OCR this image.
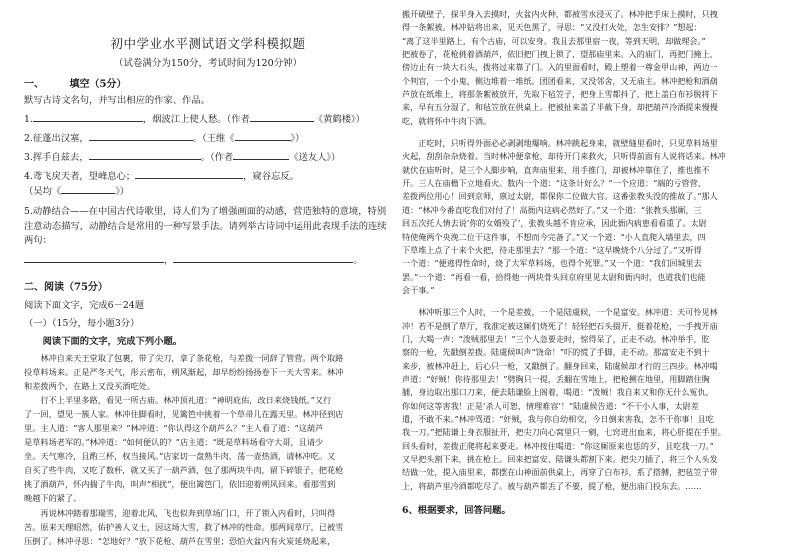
初中学业水平测试语文学科模拟题

（试卷满分为150分，考试时间为120分钟）

一、	填空（5分）

默写古诗文名句，并写出相应的作家、作品。

1.	，烟波江上使人愁。（作者	《黄鹤楼》）

2.征蓬出汉塞，	。（王维《	》）

3.挥手自兹去，	。（作者	《送友人》）

4.鸢飞戾天者，望峰息心；	，窥谷忘反。

（吴均《	》）

5.动静结合——在中国古代诗歌里，诗人们为了增强画面的动感，营造独特的意境，特别

注意动态描写，动静结合是常用的一种写景手法。请列举古诗词中运用此表现手法的连续

两句：

，	。

二、阅读（75分）

阅读下面文字，完成6－24题

（一）（15分，每小题3分）

阅读下面的文字，完成下列小题。

林冲自来天王堂取了包裹，带了尖刀，拿了条花枪，与差拨一同辞了管营。两个取路

投草料场来。正是严冬天气，彤云密布，朔风渐起，却早纷纷扬扬卷下一天大雪来。林冲

和差拨两个，在路上又没买酒吃处。

行不上半里多路，看见一所古庙。林冲顶礼道：“神明庇佑，改日来烧钱纸。”又行

了一回，望见一簇人家。林冲住脚看时，见篱笆中挑着一个草帚儿在露天里。林冲径到店

里。主人道：“客人那里来？”林冲道：“你认得这个葫芦么？”主人看了道：“这葫芦

是草料场老军的。”林冲道：“如何便认的？”店主道：“既是草料场看守大哥，且请少

坐。天气寒冷，且酌三杯，权当接风。”店家切一盘熟牛肉，荡一壶热酒，请林冲吃。又

自买了些牛肉，又吃了数杯，就又买了一葫芦酒，包了那两块牛肉，留下碎银子，把花枪

挑了酒葫芦，怀内揣了牛肉，叫声“相扰”，便出篱笆门，依旧迎着朔风回来。看那雪到

晚越下的紧了。

再说林冲踏着那瑞雪，迎着北风，飞也似奔到草场门口，开了锁入内看时，只叫得

苦。原来天理昭然，佑护善人义士，因这场大雪，救了林冲的性命。那两间草厅，已被雪

压倒了。林冲寻思：“怎地好？”放下花枪、葫芦在雪里；恐怕火盆内有火炭延烧起来，

搬开破壁子，探半身入去摸时，火盆内火种，都被雪水浸灭了。林冲把手床上摸时，只拽

得一条絮被。林冲钻将出来，见天色黑了，寻思：“又没打火处，怎生安排？”想起：

“离了这半里路上，有个古庙，可以安身。我且去那里宿一夜，等到天明，却做理会。”

把被卷了，花枪挑着酒葫芦，依旧把门拽上锁了，望那庙里来。入的庙门，再把门掩上，

傍边止有一块大石头，拨将过来靠了门。入的里面看时，殿上塑着一尊金甲山神，两边一

个判官，一个小鬼，侧边堆着一堆纸。团团看来，又没邻舍，又无庙主。林冲把枪和酒葫

芦放在纸堆上，将那条絮被放开，先取下毡笠子，把身上雪都抖了，把上盖白布衫脱将下

来，早有五分湿了，和毡笠放在供桌上。把被扯来盖了半截下身，却把葫芦冷酒提来慢慢

吃，就将怀中牛肉下酒。

正吃时，只听得外面必必剥剥地爆响。林冲跳起身来，就壁缝里看时，只见草料场里

火起，刮刮杂杂烧着。当时林冲便拿枪，却待开门来救火，只听得前面有人说将话来。林冲

就伏在庙听时，是三个人脚步响，直奔庙里来，用手推门，却被林冲靠住了，推也推不

开。三人在庙檐下立地看火。数内一个道：“这条计好么？”一个应道：“端的亏管营、

差拨两位用心！回到京师，禀过太尉，都保你二位做大官。这番张教头没的推故了。”那人

道：“林冲今番直吃我们对付了！高衙内这病必然好了。”又一个道：“张教头那厮，三

回五次托人情去说‘你的女婿殁了’，张教头越不肯应承，因此衙内病患看看重了。太尉

特使俺两个央浼二位干这件事，不想而今完备了。”又一个道：“小人直爬入墙里去，四

下草堆上点了十来个火把，待走那里去？”那一个道：“这早晚烧个八分过了。”又听得

一个道：“便逃得性命时，烧了大军草料场，也得个死罪。”又一个道：“我们回城里去

罢。”一个道：“再看一看，拾得他一两块骨头回京府里见太尉和衙内时，也道我们也能

会干事。”

林冲听那三个人时，一个是差拨，一个是陆虞候，一个是富安。林冲道：天可怜见林

冲！若不是倒了草厅，我准定被这厮们烧死了！轻轻把石头掇开，挺着花枪，一手拽开庙

门，大喝一声：“泼贼那里去！”三个人急要走时，惊得呆了，正走不动。林冲举手，肐

察的一枪，先戳倒差拨。陆虞候叫声“饶命！”吓的慌了手脚，走不动。那富安走不到十

来步，被林冲赶上，后心只一枪，又戳倒了。翻身回来，陆虞候却才行的三四步。林冲喝

声道：“好贼！你待那里去！”劈胸只一提，丢翻在雪地上，把枪搠在地里，用脚踏住胸

脯，身边取出那口刀来，便去陆谦脸上阁着，喝道：“泼贼！我自来又和你无什么冤仇，

你如何这等害我！正是‘杀人可恕，情理难容’！”陆虞候告道：“不干小人事，太尉差

遣，不敢不来。”林冲骂道：“奸贼，我与你自幼相交，今日倒来害我，怎不干你事！且吃

我一刀。”把陆谦上身衣服扯开，把尖刀向心窝里只一剜，七窍迸出血来，将心肝提在手里。

回头看时，差拨正爬将起来要走。林冲按住喝道：“你这厮原来也恁的歹，且吃我一刀。”

又早把头割下来，挑在枪上。回来把富安、陆谦头都割下来。把尖刀插了，将三个人头发

结做一处，提入庙里来，都摆在山神面前供桌上，再穿了白布衫，系了搭膊，把毡笠子带

上，将葫芦里冷酒都吃尽了。被与葫芦都丢了不要，提了枪，便出庙门投东去。……

6、根据要求，回答问题。
